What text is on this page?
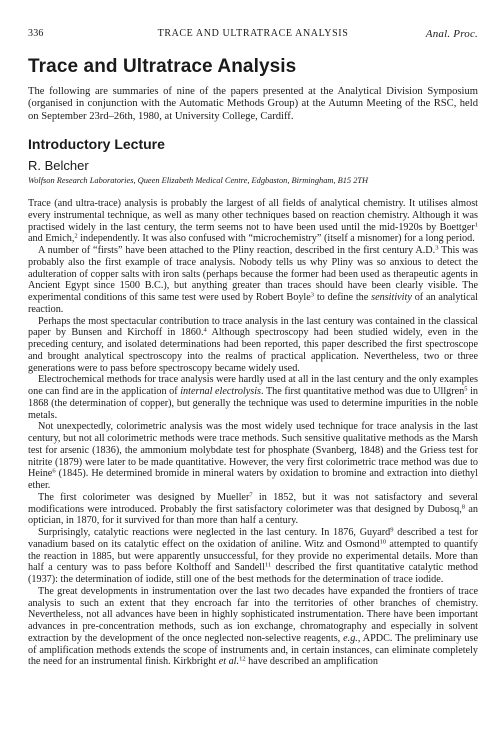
336	TRACE AND ULTRATRACE ANALYSIS	Anal. Proc.
Trace and Ultratrace Analysis

The following are summaries of nine of the papers presented at the Analytical Division Symposium (organised in conjunction with the Automatic Methods Group) at the Autumn Meeting of the RSC, held on September 23rd–26th, 1980, at University College, Cardiff.

Introductory Lecture

R. Belcher

Wolfson Research Laboratories, Queen Elizabeth Medical Centre, Edgbaston, Birmingham, B15 2TH

Trace (and ultra-trace) analysis is probably the largest of all fields of analytical chemistry. It utilises almost every instrumental technique, as well as many other techniques based on reaction chemistry. Although it was practised widely in the last century, the term seems not to have been used until the mid-1920s by Boettger$^1$ and Emich,$^2$ independently. It was also confused with “microchemistry” (itself a misnomer) for a long period.

A number of “firsts” have been attached to the Pliny reaction, described in the first century A.D.$^3$ This was probably also the first example of trace analysis. Nobody tells us why Pliny was so anxious to detect the adulteration of copper salts with iron salts (perhaps because the former had been used as therapeutic agents in Ancient Egypt since 1500 B.C.), but anything greater than traces should have been clearly visible. The experimental conditions of this same test were used by Robert Boyle$^3$ to define the sensitivity of an analytical reaction.

Perhaps the most spectacular contribution to trace analysis in the last century was contained in the classical paper by Bunsen and Kirchoff in 1860.$^4$ Although spectroscopy had been studied widely, even in the preceding century, and isolated determinations had been reported, this paper described the first spectroscope and brought analytical spectroscopy into the realms of practical application. Nevertheless, two or three generations were to pass before spectroscopy became widely used.

Electrochemical methods for trace analysis were hardly used at all in the last century and the only examples one can find are in the application of internal electrolysis. The first quantitative method was due to Ullgren$^5$ in 1868 (the determination of copper), but generally the technique was used to determine impurities in the noble metals.

Not unexpectedly, colorimetric analysis was the most widely used technique for trace analysis in the last century, but not all colorimetric methods were trace methods. Such sensitive qualitative methods as the Marsh test for arsenic (1836), the ammonium molybdate test for phosphate (Svanberg, 1848) and the Griess test for nitrite (1879) were later to be made quantitative. However, the very first colorimetric trace method was due to Heine$^6$ (1845). He determined bromide in mineral waters by oxidation to bromine and extraction into diethyl ether.

The first colorimeter was designed by Mueller$^7$ in 1852, but it was not satisfactory and several modifications were introduced. Probably the first satisfactory colorimeter was that designed by Dubosq,$^8$ an optician, in 1870, for it survived for than more than half a century.

Surprisingly, catalytic reactions were neglected in the last century. In 1876, Guyard$^9$ described a test for vanadium based on its catalytic effect on the oxidation of aniline. Witz and Osmond$^{10}$ attempted to quantify the reaction in 1885, but were apparently unsuccessful, for they provide no experimental details. More than half a century was to pass before Kolthoff and Sandell$^{11}$ described the first quantitative catalytic method (1937): the determination of iodide, still one of the best methods for the determination of trace iodide.

The great developments in instrumentation over the last two decades have expanded the frontiers of trace analysis to such an extent that they encroach far into the territories of other branches of chemistry. Nevertheless, not all advances have been in highly sophisticated instrumentation. There have been important advances in pre-concentration methods, such as ion exchange, chromatography and especially in solvent extraction by the development of the once neglected non-selective reagents, e.g., APDC. The preliminary use of amplification methods extends the scope of instruments and, in certain instances, can eliminate completely the need for an instrumental finish. Kirkbright et al.$^{12}$ have described an amplification
